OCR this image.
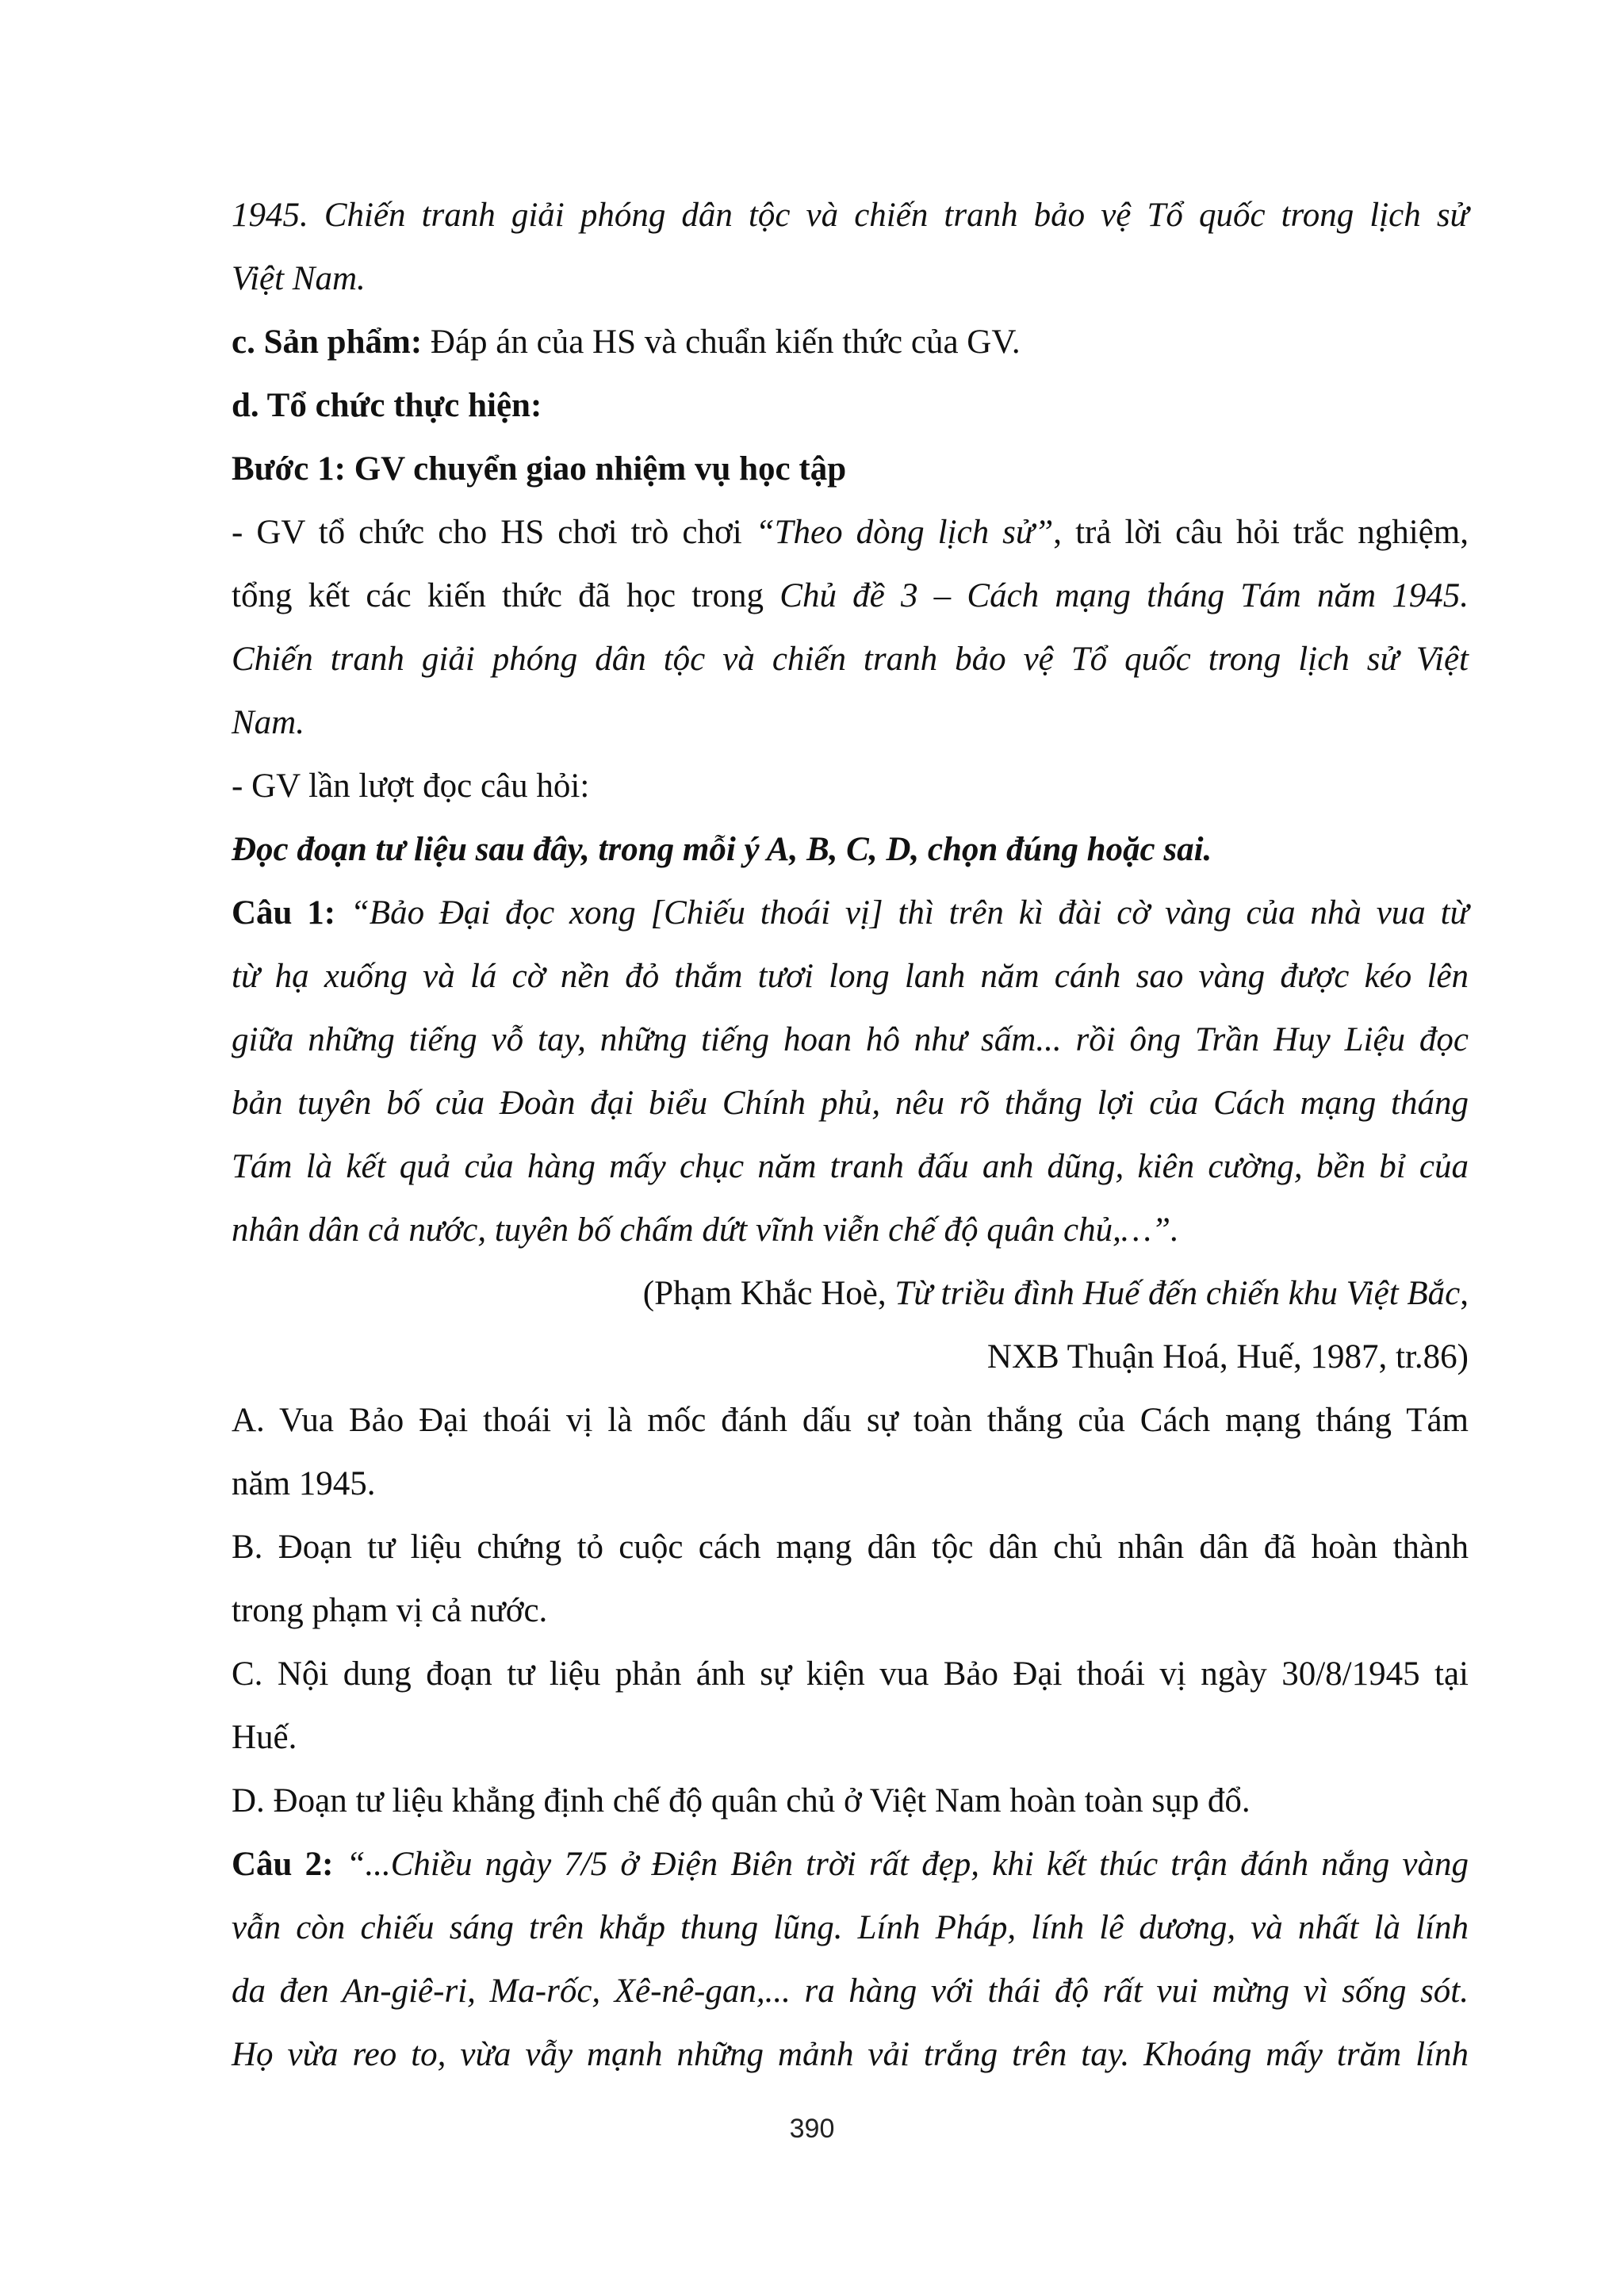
1945. Chiến tranh giải phóng dân tộc và chiến tranh bảo vệ Tổ quốc trong lịch sử

Việt Nam.

c. Sản phẩm: Đáp án của HS và chuẩn kiến thức của GV.

d. Tổ chức thực hiện:

Bước 1: GV chuyển giao nhiệm vụ học tập

- GV tổ chức cho HS chơi trò chơi “Theo dòng lịch sử”, trả lời câu hỏi trắc nghiệm,

tổng kết các kiến thức đã học trong Chủ đề 3 – Cách mạng tháng Tám năm 1945.

Chiến tranh giải phóng dân tộc và chiến tranh bảo vệ Tổ quốc trong lịch sử Việt

Nam.

- GV lần lượt đọc câu hỏi:

Đọc đoạn tư liệu sau đây, trong mỗi ý A, B, C, D, chọn đúng hoặc sai.

Câu 1: “Bảo Đại đọc xong [Chiếu thoái vị] thì trên kì đài cờ vàng của nhà vua từ

từ hạ xuống và lá cờ nền đỏ thắm tươi long lanh năm cánh sao vàng được kéo lên

giữa những tiếng vỗ tay, những tiếng hoan hô như sấm... rồi ông Trần Huy Liệu đọc

bản tuyên bố của Đoàn đại biểu Chính phủ, nêu rõ thắng lợi của Cách mạng tháng

Tám là kết quả của hàng mấy chục năm tranh đấu anh dũng, kiên cường, bền bỉ của

nhân dân cả nước, tuyên bố chấm dứt vĩnh viễn chế độ quân chủ,…”.

(Phạm Khắc Hoè, Từ triều đình Huế đến chiến khu Việt Bắc,

NXB Thuận Hoá, Huế, 1987, tr.86)

A. Vua Bảo Đại thoái vị là mốc đánh dấu sự toàn thắng của Cách mạng tháng Tám

năm 1945.

B. Đoạn tư liệu chứng tỏ cuộc cách mạng dân tộc dân chủ nhân dân đã hoàn thành

trong phạm vị cả nước.

C. Nội dung đoạn tư liệu phản ánh sự kiện vua Bảo Đại thoái vị ngày 30/8/1945 tại

Huế.

D. Đoạn tư liệu khẳng định chế độ quân chủ ở Việt Nam hoàn toàn sụp đổ.

Câu 2: “...Chiều ngày 7/5 ở Điện Biên trời rất đẹp, khi kết thúc trận đánh nắng vàng

vẫn còn chiếu sáng trên khắp thung lũng. Lính Pháp, lính lê dương, và nhất là lính

da đen An-giê-ri, Ma-rốc, Xê-nê-gan,... ra hàng với thái độ rất vui mừng vì sống sót.

Họ vừa reo to, vừa vẫy mạnh những mảnh vải trắng trên tay. Khoáng mấy trăm lính

390
